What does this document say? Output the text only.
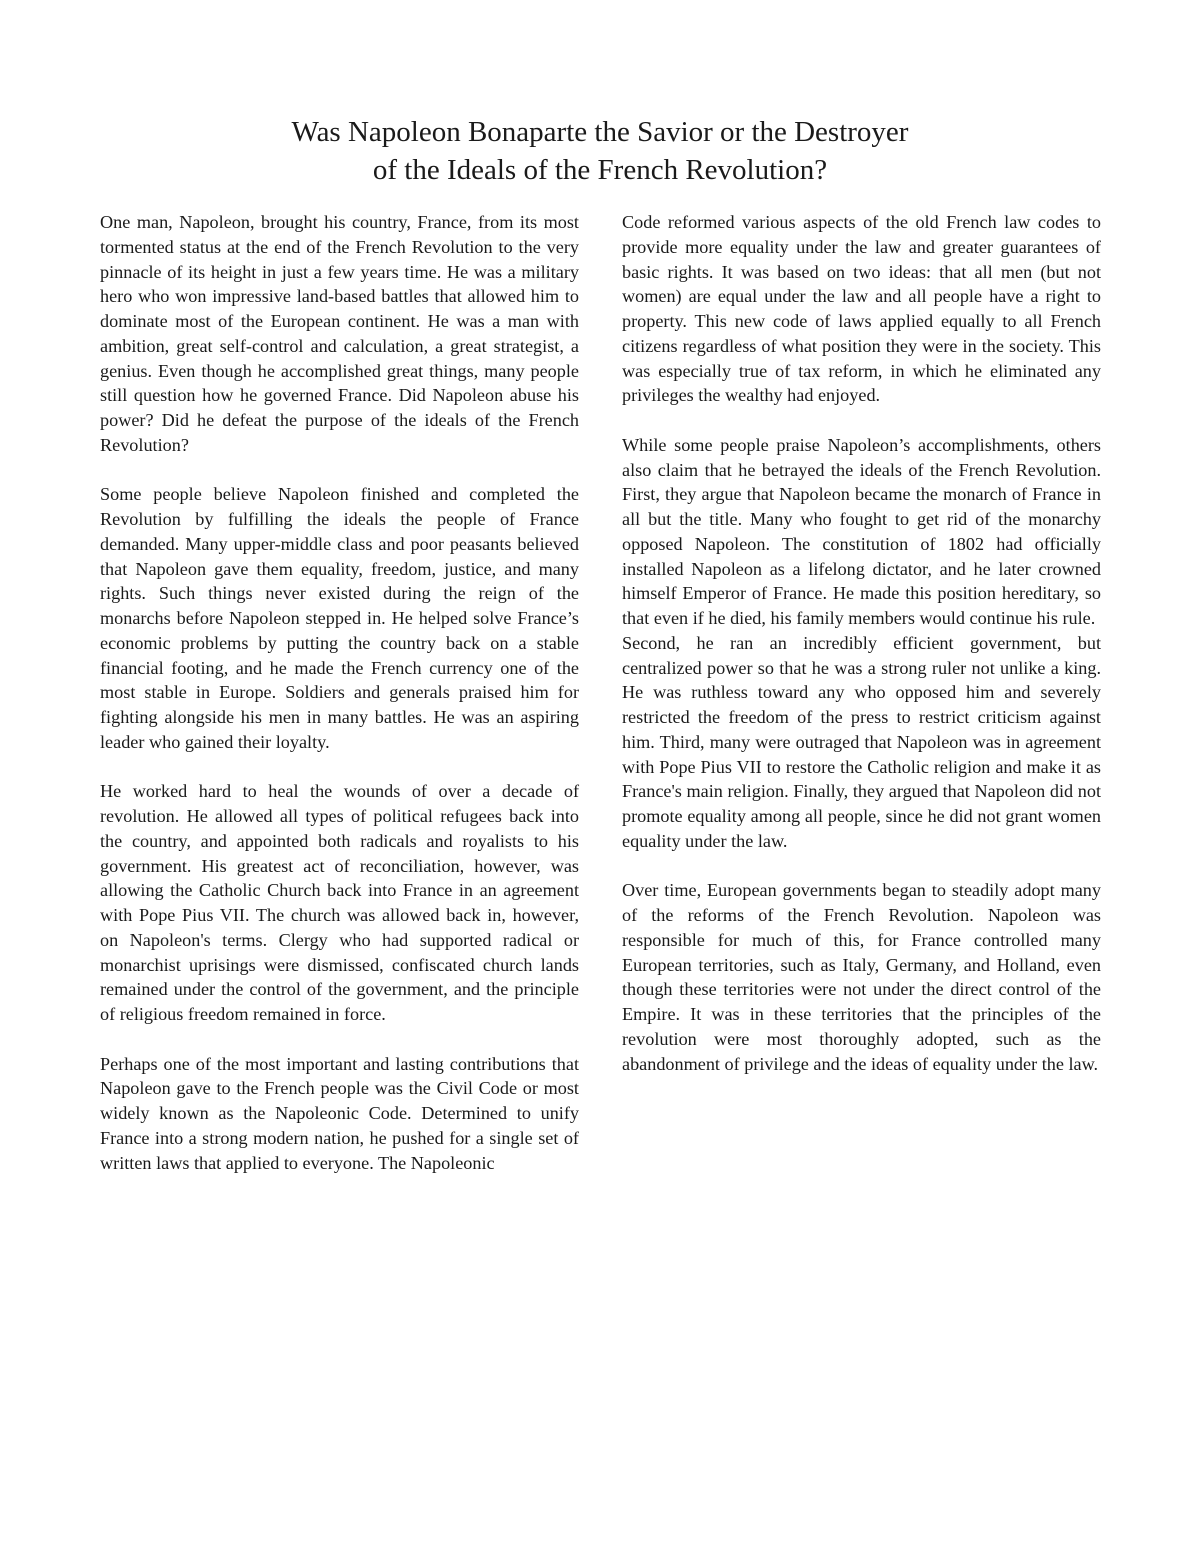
Was Napoleon Bonaparte the Savior or the Destroyer
of the Ideals of the French Revolution?

One man, Napoleon, brought his country, France, from its most tormented status at the end of the French Revolution to the very pinnacle of its height in just a few years time. He was a military hero who won impressive land-based battles that allowed him to dominate most of the European continent. He was a man with ambition, great self-control and calculation, a great strategist, a genius. Even though he accomplished great things, many people still question how he governed France. Did Napoleon abuse his power? Did he defeat the purpose of the ideals of the French Revolution?

Some people believe Napoleon finished and completed the Revolution by fulfilling the ideals the people of France demanded. Many upper-middle class and poor peasants believed that Napoleon gave them equality, freedom, justice, and many rights. Such things never existed during the reign of the monarchs before Napoleon stepped in. He helped solve France’s economic problems by putting the country back on a stable financial footing, and he made the French currency one of the most stable in Europe. Soldiers and generals praised him for fighting alongside his men in many battles. He was an aspiring leader who gained their loyalty.

He worked hard to heal the wounds of over a decade of revolution. He allowed all types of political refugees back into the country, and appointed both radicals and royalists to his government. His greatest act of reconciliation, however, was allowing the Catholic Church back into France in an agreement with Pope Pius VII. The church was allowed back in, however, on Napoleon's terms. Clergy who had supported radical or monarchist uprisings were dismissed, confiscated church lands remained under the control of the government, and the principle of religious freedom remained in force.

Perhaps one of the most important and lasting contributions that Napoleon gave to the French people was the Civil Code or most widely known as the Napoleonic Code. Determined to unify France into a strong modern nation, he pushed for a single set of written laws that applied to everyone. The Napoleonic

Code reformed various aspects of the old French law codes to provide more equality under the law and greater guarantees of basic rights. It was based on two ideas: that all men (but not women) are equal under the law and all people have a right to property. This new code of laws applied equally to all French citizens regardless of what position they were in the society. This was especially true of tax reform, in which he eliminated any privileges the wealthy had enjoyed.

While some people praise Napoleon’s accomplishments, others also claim that he betrayed the ideals of the French Revolution. First, they argue that Napoleon became the monarch of France in all but the title. Many who fought to get rid of the monarchy opposed Napoleon. The constitution of 1802 had officially installed Napoleon as a lifelong dictator, and he later crowned himself Emperor of France. He made this position hereditary, so that even if he died, his family members would continue his rule.

Second, he ran an incredibly efficient government, but centralized power so that he was a strong ruler not unlike a king. He was ruthless toward any who opposed him and severely restricted the freedom of the press to restrict criticism against him. Third, many were outraged that Napoleon was in agreement with Pope Pius VII to restore the Catholic religion and make it as France's main religion. Finally, they argued that Napoleon did not promote equality among all people, since he did not grant women equality under the law.

Over time, European governments began to steadily adopt many of the reforms of the French Revolution. Napoleon was responsible for much of this, for France controlled many European territories, such as Italy, Germany, and Holland, even though these territories were not under the direct control of the Empire. It was in these territories that the principles of the revolution were most thoroughly adopted, such as the abandonment of privilege and the ideas of equality under the law.
